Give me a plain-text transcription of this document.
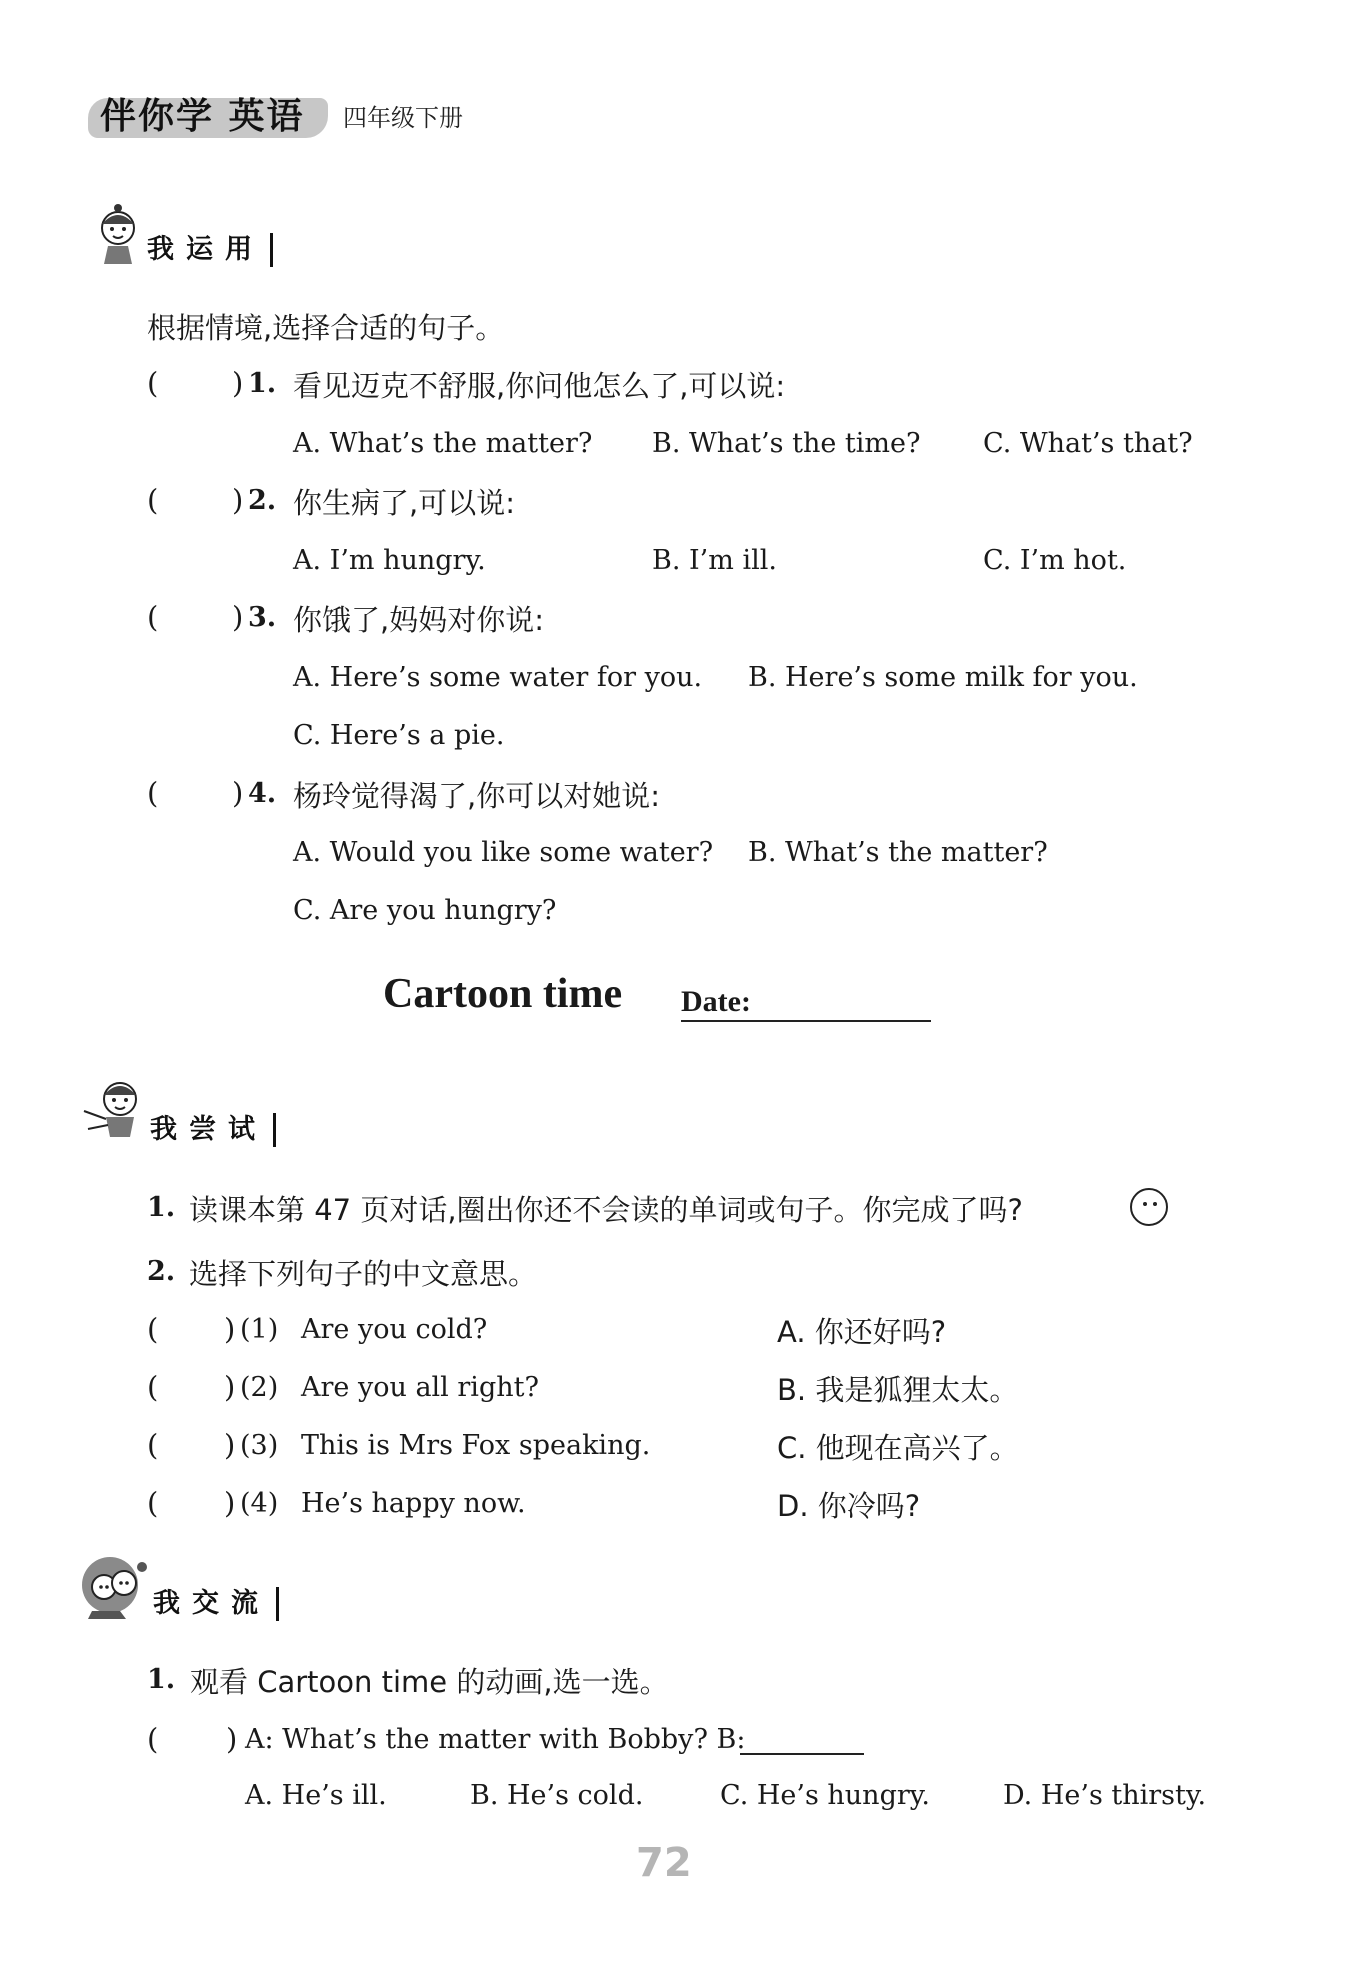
伴你学 英语 四年级下册
我运用
根据情境,选择合适的句子。
(	) 1. 看见迈克不舒服,你问他怎么了,可以说:
A. What’s the matter? B. What’s the time? C. What’s that?
(	) 2. 你生病了,可以说:
A. I’m hungry.	B. I’m ill.	C. I’m hot.
(	) 3. 你饿了,妈妈对你说:
A. Here’s some water for you. B. Here’s some milk for you.
C. Here’s a pie.
(	) 4. 杨玲觉得渴了,你可以对她说:
A. Would you like some water? B. What’s the matter?
C. Are you hungry?
Cartoon time Date:
我尝试
1. 读课本第 47 页对话,圈出你还不会读的单词或句子。你完成了吗?
2. 选择下列句子的中文意思。
( ) (1) Are you cold?	A. 你还好吗?
( ) (2) Are you all right?	B. 我是狐狸太太。
( ) (3) This is Mrs Fox speaking.	C. 他现在高兴了。
( ) (4) He’s happy now.	D. 你冷吗?
我交流
1. 观看 Cartoon time 的动画,选一选。
( ) A: What’s the matter with Bobby? B:
A. He’s ill.	B. He’s cold.	C. He’s hungry.	D. He’s thirsty.
72
